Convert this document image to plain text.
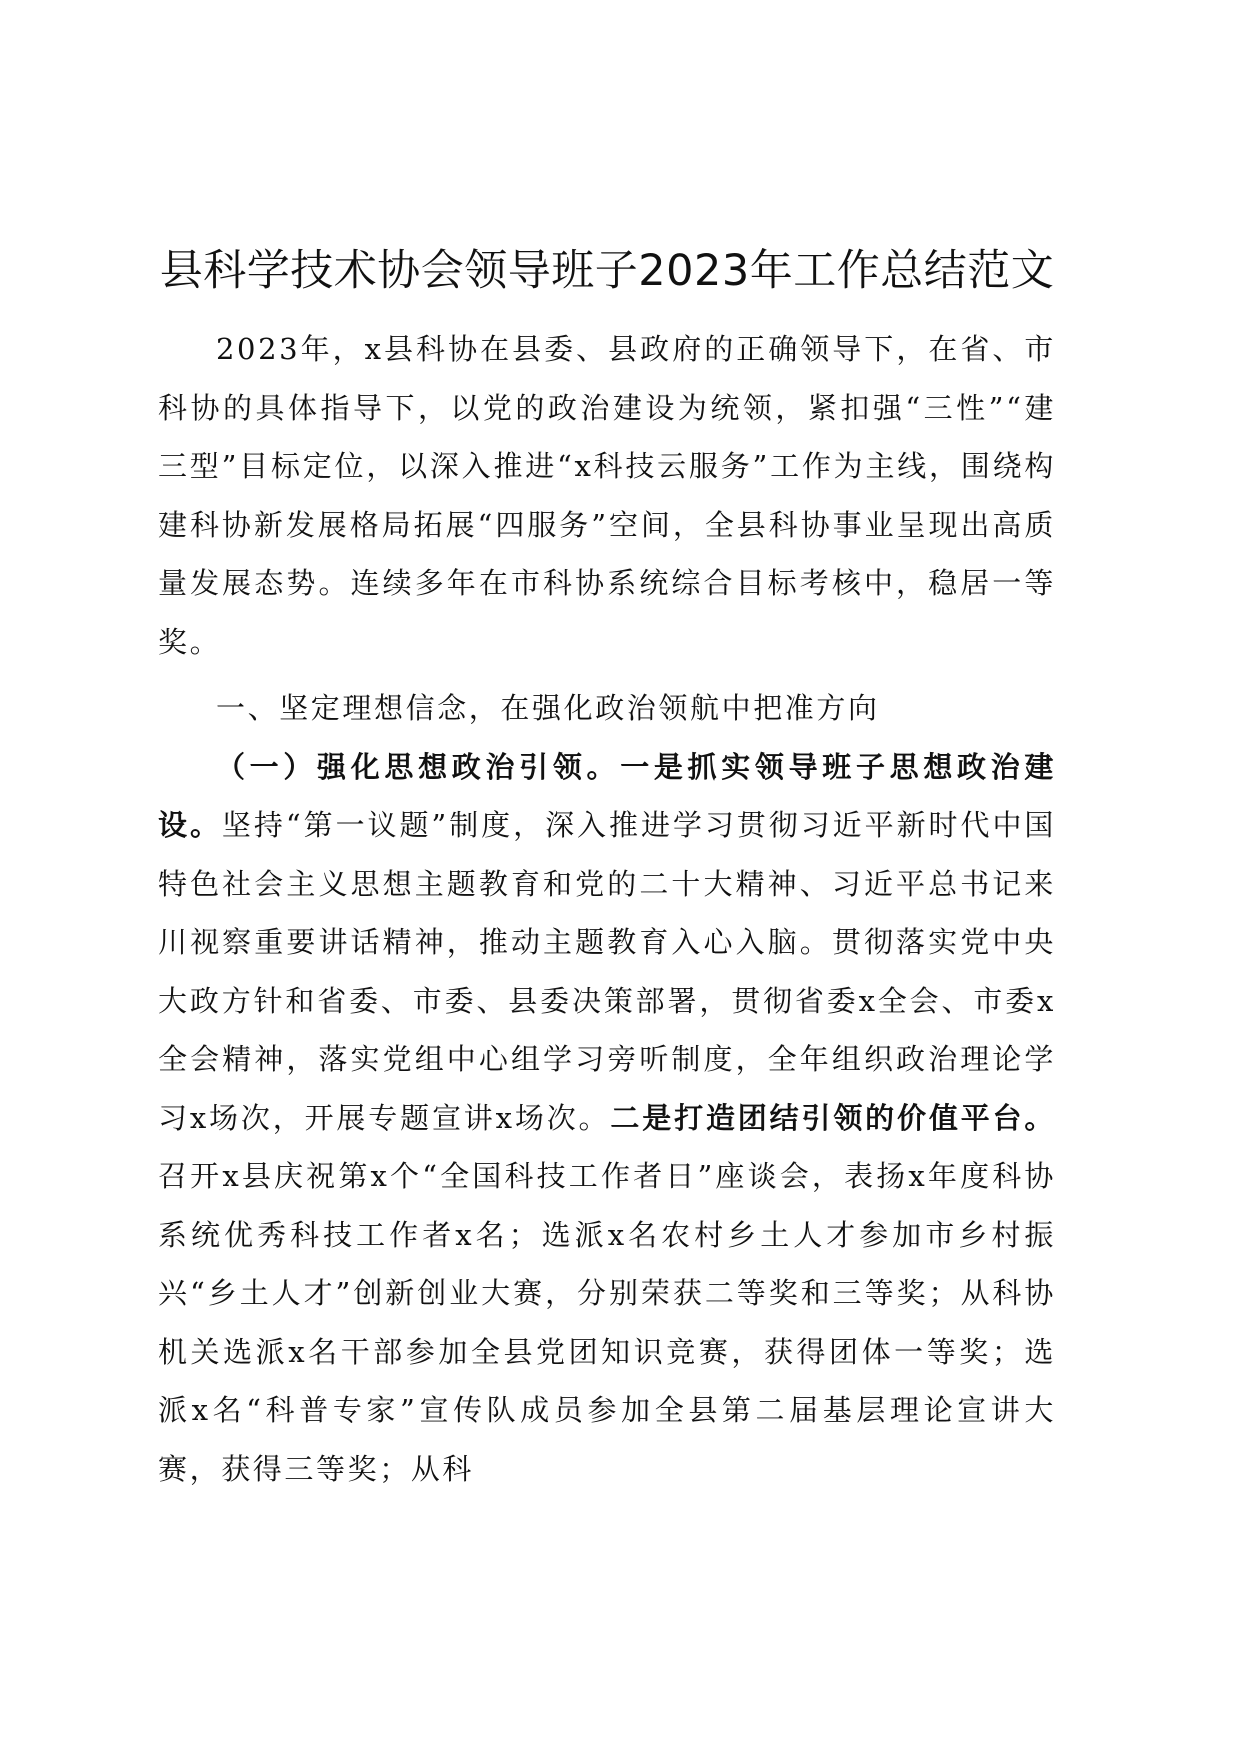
县科学技术协会领导班子2023年工作总结范文

2023年，x县科协在县委、县政府的正确领导下，在省、市科协的具体指导下，以党的政治建设为统领，紧扣强“三性”“建三型”目标定位，以深入推进“x科技云服务”工作为主线，围绕构建科协新发展格局拓展“四服务”空间，全县科协事业呈现出高质量发展态势。连续多年在市科协系统综合目标考核中，稳居一等奖。

一、坚定理想信念，在强化政治领航中把准方向

（一）强化思想政治引领。一是抓实领导班子思想政治建设。坚持“第一议题”制度，深入推进学习贯彻习近平新时代中国特色社会主义思想主题教育和党的二十大精神、习近平总书记来川视察重要讲话精神，推动主题教育入心入脑。贯彻落实党中央大政方针和省委、市委、县委决策部署，贯彻省委x全会、市委x全会精神，落实党组中心组学习旁听制度，全年组织政治理论学习x场次，开展专题宣讲x场次。二是打造团结引领的价值平台。召开x县庆祝第x个“全国科技工作者日”座谈会，表扬x年度科协系统优秀科技工作者x名；选派x名农村乡土人才参加市乡村振兴“乡土人才”创新创业大赛，分别荣获二等奖和三等奖；从科协机关选派x名干部参加全县党团知识竞赛，获得团体一等奖；选派x名“科普专家”宣传队成员参加全县第二届基层理论宣讲大赛，获得三等奖；从科
